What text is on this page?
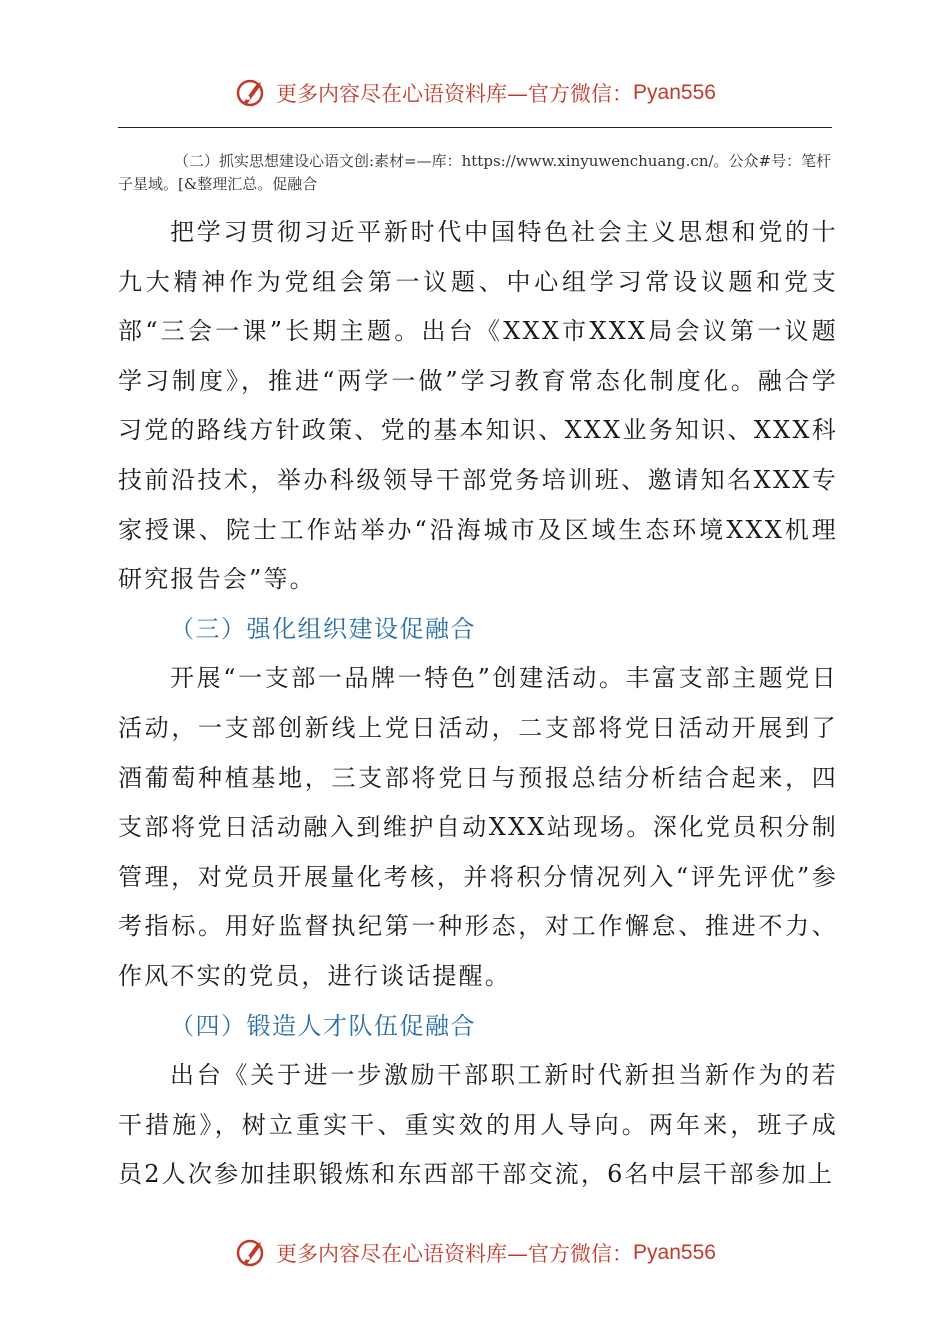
更多内容尽在心语资料库—官方微信： Pyan556

（二）抓实思想建设心语文创:素材=—库：https://www.xinyuwenchuang.cn/。公众#号：笔杆子星域。[&整理汇总。促融合

把学习贯彻习近平新时代中国特色社会主义思想和党的十九大精神作为党组会第一议题、中心组学习常设议题和党支部“三会一课”长期主题。出台《XXX市XXX局会议第一议题学习制度》，推进“两学一做”学习教育常态化制度化。融合学习党的路线方针政策、党的基本知识、XXX业务知识、XXX科技前沿技术，举办科级领导干部党务培训班、邀请知名XXX专家授课、院士工作站举办“沿海城市及区域生态环境XXX机理研究报告会”等。

（三）强化组织建设促融合

开展“一支部一品牌一特色”创建活动。丰富支部主题党日活动，一支部创新线上党日活动，二支部将党日活动开展到了酒葡萄种植基地，三支部将党日与预报总结分析结合起来，四支部将党日活动融入到维护自动XXX站现场。深化党员积分制管理，对党员开展量化考核，并将积分情况列入“评先评优”参考指标。用好监督执纪第一种形态，对工作懈怠、推进不力、作风不实的党员，进行谈话提醒。

（四）锻造人才队伍促融合

出台《关于进一步激励干部职工新时代新担当新作为的若干措施》，树立重实干、重实效的用人导向。两年来，班子成员2人次参加挂职锻炼和东西部干部交流，6名中层干部参加上

更多内容尽在心语资料库—官方微信： Pyan556
